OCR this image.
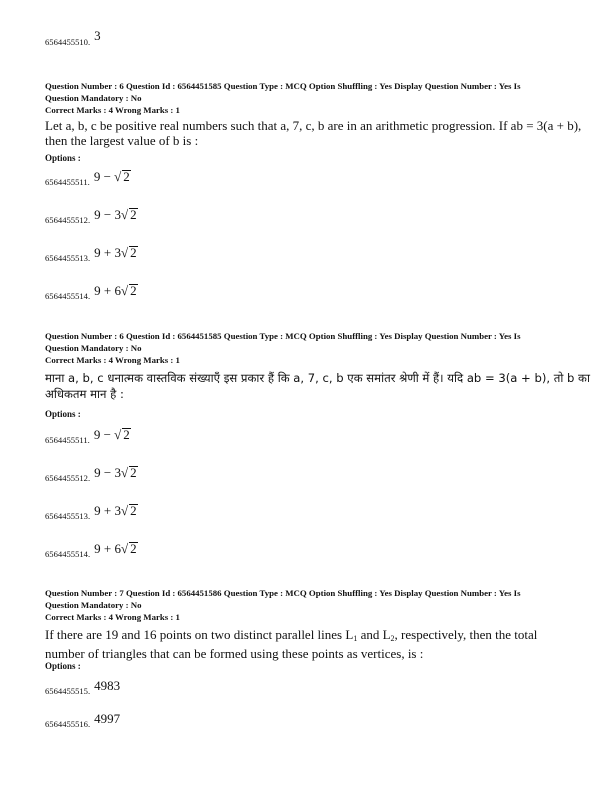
6564455510. $^3$
Question Number : 6 Question Id : 6564451585 Question Type : MCQ Option Shuffling : Yes Display Question Number : Yes Is
Question Mandatory : No
Correct Marks : 4 Wrong Marks : 1
Let a, b, c be positive real numbers such that a, 7, c, b are in an arithmetic progression. If ab = 3(a + b),
then the largest value of b is :
Options :
6564455511. $^{9 - √ 2}$
6564455512. $^{9 - 3√ 2}$
6564455513. $^{9 + 3√ 2}$
6564455514. $^{9 + 6√ 2}$
Question Number : 6 Question Id : 6564451585 Question Type : MCQ Option Shuffling : Yes Display Question Number : Yes Is
Question Mandatory : No
Correct Marks : 4 Wrong Marks : 1
माना a, b, c धनात्मक वास्तविक संख्याएँ इस प्रकार हैं कि a, 7, c, b एक समांतर श्रेणी में हैं। यदि ab = 3(a + b), तो b का
अधिकतम मान है :
Options :
6564455511. $^{9 - √ 2}$
6564455512. $^{9 - 3√ 2}$
6564455513. $^{9 + 3√ 2}$
6564455514. $^{9 + 6√ 2}$
Question Number : 7 Question Id : 6564451586 Question Type : MCQ Option Shuffling : Yes Display Question Number : Yes Is
Question Mandatory : No
Correct Marks : 4 Wrong Marks : 1
If there are 19 and 16 points on two distinct parallel lines $L_1$ and $L_2$, respectively, then the total
number of triangles that can be formed using these points as vertices, is :
Options :
6564455515. $^{4983}$
6564455516. $^{4997}$
